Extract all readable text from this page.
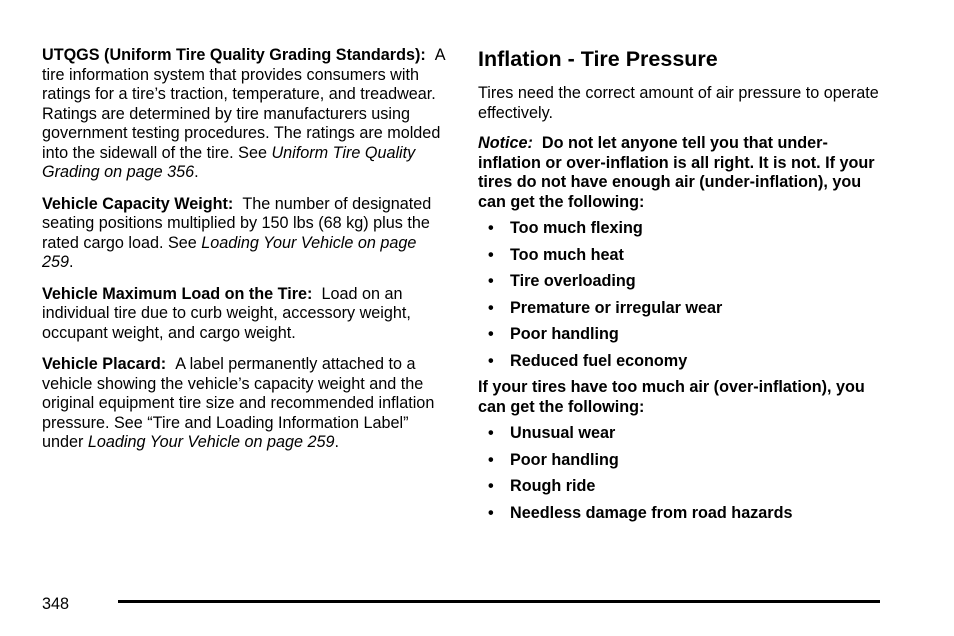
UTQGS (Uniform Tire Quality Grading Standards): A tire information system that provides consumers with ratings for a tire’s traction, temperature, and treadwear. Ratings are determined by tire manufacturers using government testing procedures. The ratings are molded into the sidewall of the tire. See Uniform Tire Quality Grading on page 356.

Vehicle Capacity Weight: The number of designated seating positions multiplied by 150 lbs (68 kg) plus the rated cargo load. See Loading Your Vehicle on page 259.

Vehicle Maximum Load on the Tire: Load on an individual tire due to curb weight, accessory weight, occupant weight, and cargo weight.

Vehicle Placard: A label permanently attached to a vehicle showing the vehicle’s capacity weight and the original equipment tire size and recommended inflation pressure. See “Tire and Loading Information Label” under Loading Your Vehicle on page 259.

Inflation - Tire Pressure

Tires need the correct amount of air pressure to operate effectively.

Notice: Do not let anyone tell you that under-inflation or over-inflation is all right. It is not. If your tires do not have enough air (under-inflation), you can get the following:

• Too much flexing
• Too much heat
• Tire overloading
• Premature or irregular wear
• Poor handling
• Reduced fuel economy

If your tires have too much air (over-inflation), you can get the following:

• Unusual wear
• Poor handling
• Rough ride
• Needless damage from road hazards
348
